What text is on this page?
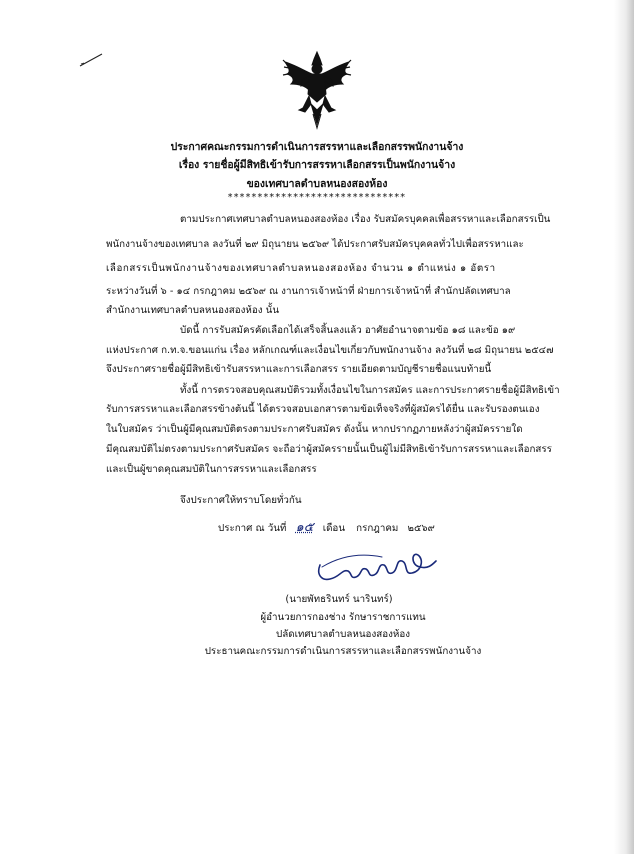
ประกาศคณะกรรมการดำเนินการสรรหาและเลือกสรรพนักงานจ้าง
เรื่อง รายชื่อผู้มีสิทธิเข้ารับการสรรหาเลือกสรรเป็นพนักงานจ้าง
ของเทศบาลตำบลหนองสองห้อง
******************************
ตามประกาศเทศบาลตำบลหนองสองห้อง เรื่อง รับสมัครบุคคลเพื่อสรรหาและเลือกสรรเป็น
พนักงานจ้างของเทศบาล ลงวันที่ ๒๙ มิถุนายน ๒๕๖๙ ได้ประกาศรับสมัครบุคคลทั่วไปเพื่อสรรหาและ
เลือกสรรเป็นพนักงานจ้างของเทศบาลตำบลหนองสองห้อง จำนวน ๑ ตำแหน่ง ๑ อัตรา
ระหว่างวันที่ ๖ - ๑๔ กรกฎาคม ๒๕๖๙ ณ งานการเจ้าหน้าที่ ฝ่ายการเจ้าหน้าที่ สำนักปลัดเทศบาล
สำนักงานเทศบาลตำบลหนองสองห้อง นั้น
บัดนี้ การรับสมัครคัดเลือกได้เสร็จสิ้นลงแล้ว อาศัยอำนาจตามข้อ ๑๘ และข้อ ๑๙
แห่งประกาศ ก.ท.จ.ขอนแก่น เรื่อง หลักเกณฑ์และเงื่อนไขเกี่ยวกับพนักงานจ้าง ลงวันที่ ๒๘ มิถุนายน ๒๕๔๗
จึงประกาศรายชื่อผู้มีสิทธิเข้ารับสรรหาและการเลือกสรร รายเอียดตามบัญชีรายชื่อแนบท้ายนี้
ทั้งนี้ การตรวจสอบคุณสมบัติรวมทั้งเงื่อนไขในการสมัคร และการประกาศรายชื่อผู้มีสิทธิเข้า
รับการสรรหาและเลือกสรรข้างต้นนี้ ได้ตรวจสอบเอกสารตามข้อเท็จจริงที่ผู้สมัครได้ยื่น และรับรองตนเอง
ในใบสมัคร ว่าเป็นผู้มีคุณสมบัติตรงตามประกาศรับสมัคร ดังนั้น หากปรากฏภายหลังว่าผู้สมัครรายใด
มีคุณสมบัติไม่ตรงตามประกาศรับสมัคร จะถือว่าผู้สมัครรายนั้นเป็นผู้ไม่มีสิทธิเข้ารับการสรรหาและเลือกสรร
และเป็นผู้ขาดคุณสมบัติในการสรรหาและเลือกสรร
จึงประกาศให้ทราบโดยทั่วกัน
ประกาศ ณ วันที่ ๑๕ เดือน กรกฎาคม ๒๕๖๙
(นายพัทธรินทร์ นารินทร์)
ผู้อำนวยการกองช่าง รักษาราชการแทน
ปลัดเทศบาลตำบลหนองสองห้อง
ประธานคณะกรรมการดำเนินการสรรหาและเลือกสรรพนักงานจ้าง
